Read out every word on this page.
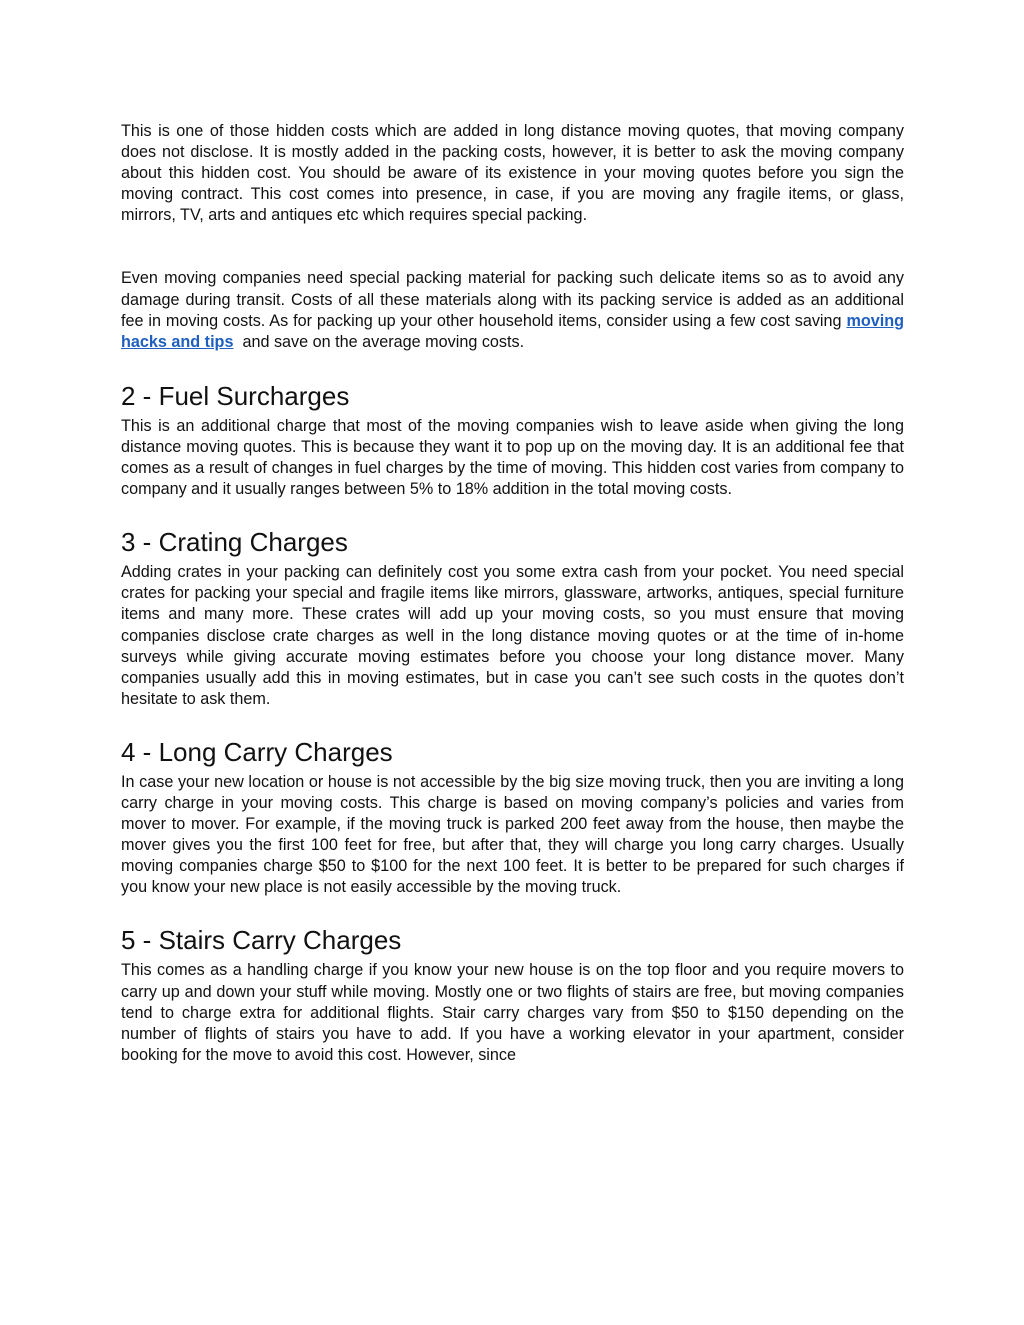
This is one of those hidden costs which are added in long distance moving quotes, that moving company does not disclose. It is mostly added in the packing costs, however, it is better to ask the moving company about this hidden cost. You should be aware of its existence in your moving quotes before you sign the moving contract. This cost comes into presence, in case, if you are moving any fragile items, or glass, mirrors, TV, arts and antiques etc which requires special packing.

Even moving companies need special packing material for packing such delicate items so as to avoid any damage during transit. Costs of all these materials along with its packing service is added as an additional fee in moving costs. As for packing up your other household items, consider using a few cost saving moving hacks and tips  and save on the average moving costs.

2 - Fuel Surcharges

This is an additional charge that most of the moving companies wish to leave aside when giving the long distance moving quotes. This is because they want it to pop up on the moving day. It is an additional fee that comes as a result of changes in fuel charges by the time of moving. This hidden cost varies from company to company and it usually ranges between 5% to 18% addition in the total moving costs.

3 - Crating Charges

Adding crates in your packing can definitely cost you some extra cash from your pocket. You need special crates for packing your special and fragile items like mirrors, glassware, artworks, antiques, special furniture items and many more. These crates will add up your moving costs, so you must ensure that moving companies disclose crate charges as well in the long distance moving quotes or at the time of in-home surveys while giving accurate moving estimates before you choose your long distance mover. Many companies usually add this in moving estimates, but in case you can’t see such costs in the quotes don’t hesitate to ask them.

4 - Long Carry Charges

In case your new location or house is not accessible by the big size moving truck, then you are inviting a long carry charge in your moving costs. This charge is based on moving company’s policies and varies from mover to mover. For example, if the moving truck is parked 200 feet away from the house, then maybe the mover gives you the first 100 feet for free, but after that, they will charge you long carry charges. Usually moving companies charge $50 to $100 for the next 100 feet. It is better to be prepared for such charges if you know your new place is not easily accessible by the moving truck.

5 - Stairs Carry Charges

This comes as a handling charge if you know your new house is on the top floor and you require movers to carry up and down your stuff while moving. Mostly one or two flights of stairs are free, but moving companies tend to charge extra for additional flights. Stair carry charges vary from $50 to $150 depending on the number of flights of stairs you have to add. If you have a working elevator in your apartment, consider booking for the move to avoid this cost. However, since
